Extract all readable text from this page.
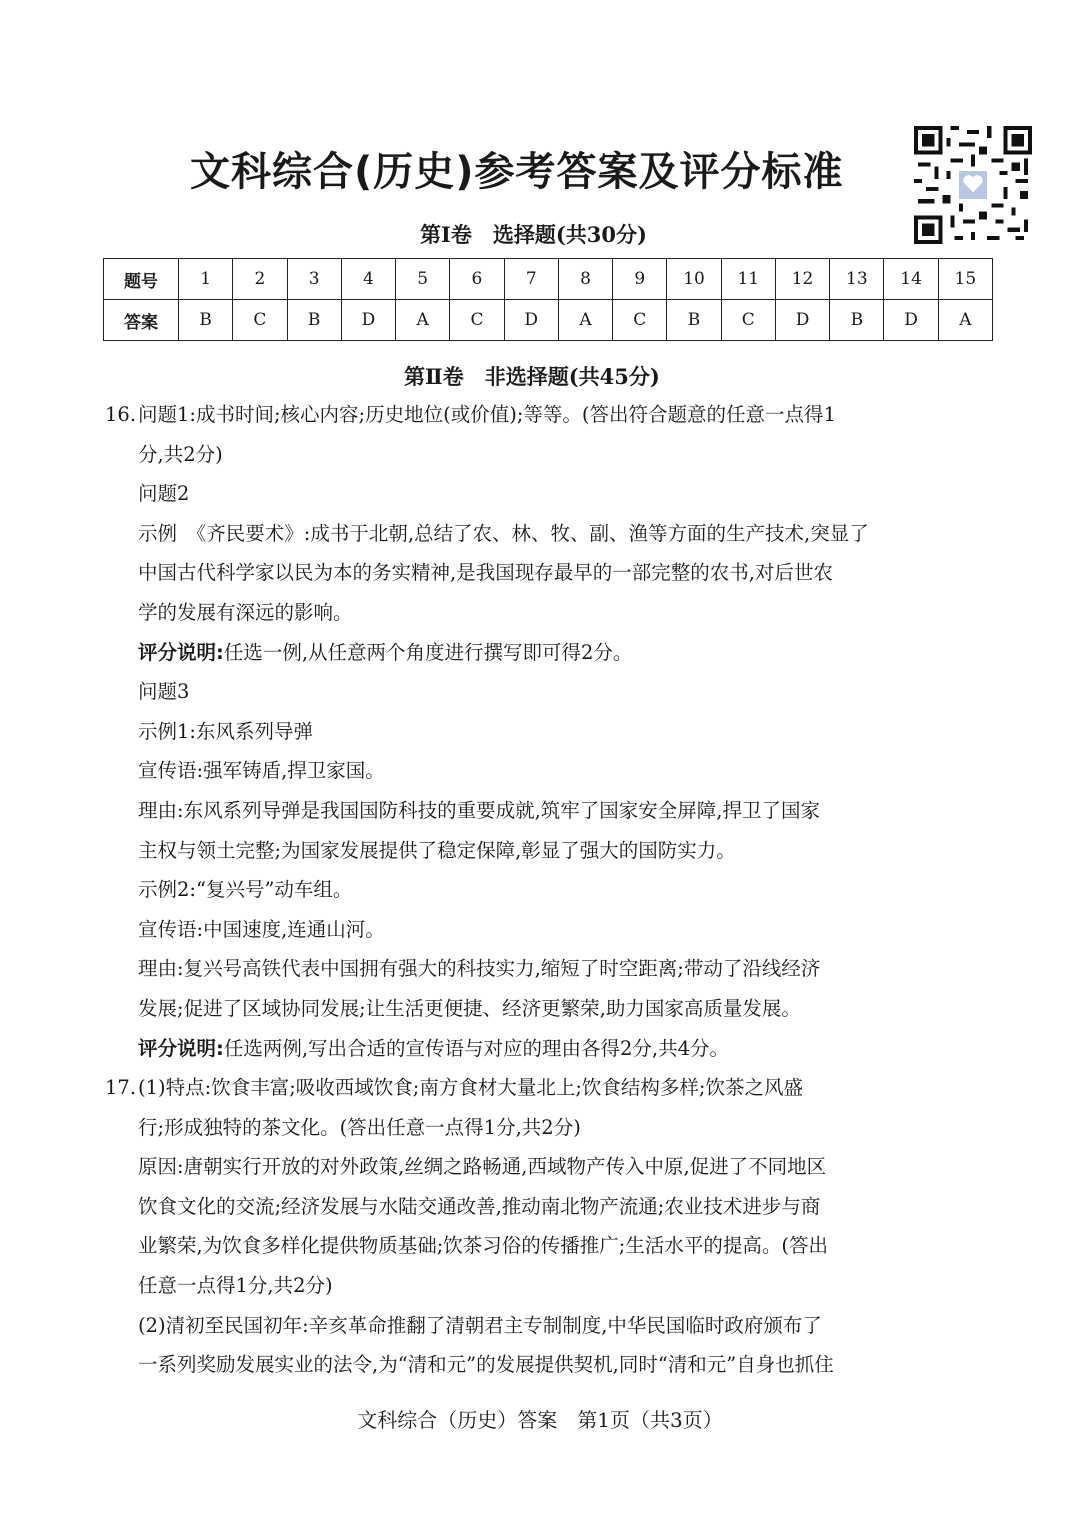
文科综合(历史)参考答案及评分标准
第Ⅰ卷　选择题(共30分)
题号	1	2	3	4	5	6	7	8	9	10	11	12	13	14	15
答案	B	C	B	D	A	C	D	A	C	B	C	D	B	D	A
第Ⅱ卷　非选择题(共45分)

16. 问题1:成书时间;核心内容;历史地位(或价值);等等。(答出符合题意的任意一点得1

分,共2分)

问题2

示例　《齐民要术》:成书于北朝,总结了农、林、牧、副、渔等方面的生产技术,突显了

中国古代科学家以民为本的务实精神,是我国现存最早的一部完整的农书,对后世农

学的发展有深远的影响。

评分说明:任选一例,从任意两个角度进行撰写即可得2分。

问题3

示例1:东风系列导弹

宣传语:强军铸盾,捍卫家国。

理由:东风系列导弹是我国国防科技的重要成就,筑牢了国家安全屏障,捍卫了国家

主权与领土完整;为国家发展提供了稳定保障,彰显了强大的国防实力。

示例2:“复兴号”动车组。

宣传语:中国速度,连通山河。

理由:复兴号高铁代表中国拥有强大的科技实力,缩短了时空距离;带动了沿线经济

发展;促进了区域协同发展;让生活更便捷、经济更繁荣,助力国家高质量发展。

评分说明:任选两例,写出合适的宣传语与对应的理由各得2分,共4分。

17. (1)特点:饮食丰富;吸收西域饮食;南方食材大量北上;饮食结构多样;饮茶之风盛

行;形成独特的茶文化。(答出任意一点得1分,共2分)

原因:唐朝实行开放的对外政策,丝绸之路畅通,西域物产传入中原,促进了不同地区

饮食文化的交流;经济发展与水陆交通改善,推动南北物产流通;农业技术进步与商

业繁荣,为饮食多样化提供物质基础;饮茶习俗的传播推广;生活水平的提高。(答出

任意一点得1分,共2分)

(2)清初至民国初年:辛亥革命推翻了清朝君主专制制度,中华民国临时政府颁布了

一系列奖励发展实业的法令,为“清和元”的发展提供契机,同时“清和元”自身也抓住

文科综合（历史）答案　第1页（共3页）
